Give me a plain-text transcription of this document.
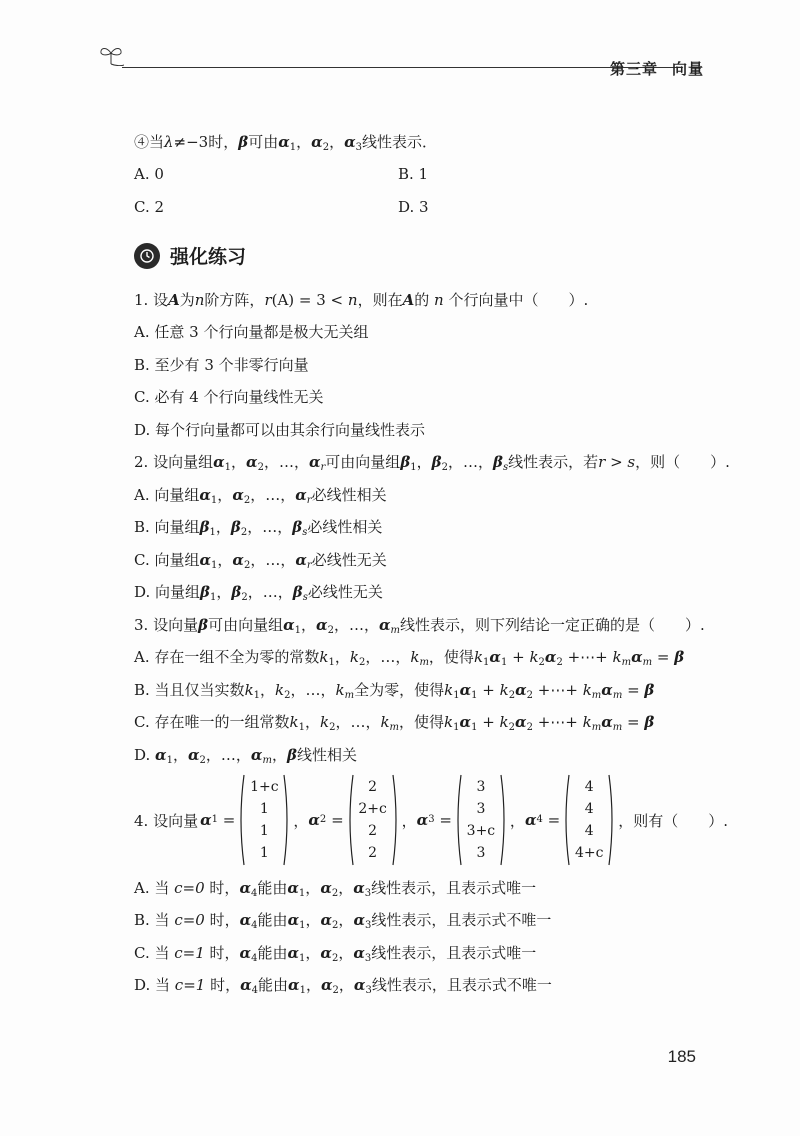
第三章 向量
④当λ≠−3时，β可由$\alpha_1$，$\alpha_2$，$\alpha_3$线性表示．
A. 0	B. 1
C. 2	D. 3
强化练习
1. 设A为n阶方阵，r(A) = 3 < n，则在A的 n 个行向量中（　　）.
A. 任意 3 个行向量都是极大无关组
B. 至少有 3 个非零行向量
C. 必有 4 个行向量线性无关
D. 每个行向量都可以由其余行向量线性表示
2. 设向量组$\alpha_1$，$\alpha_2$，…，$\alpha_r$可由向量组$\beta_1$，$\beta_2$，…，$\beta_s$线性表示，若r > s，则（　　）.
A. 向量组$\alpha_1$，$\alpha_2$，…，$\alpha_r$必线性相关
B. 向量组$\beta_1$，$\beta_2$，…，$\beta_s$必线性相关
C. 向量组$\alpha_1$，$\alpha_2$，…，$\alpha_r$必线性无关
D. 向量组$\beta_1$，$\beta_2$，…，$\beta_s$必线性无关
3. 设向量β可由向量组$\alpha_1$，$\alpha_2$，…，$\alpha_m$线性表示，则下列结论一定正确的是（　　）.
A. 存在一组不全为零的常数$k_1$，$k_2$，…，$k_m$，使得$k_1\alpha_1 + k_2\alpha_2$ +⋯+ $k_m\alpha_m = \beta$
B. 当且仅当实数$k_1$，$k_2$，…，$k_m$全为零，使得$k_1\alpha_1 + k_2\alpha_2$ +⋯+ $k_m\alpha_m = \beta$
C. 存在唯一的一组常数$k_1$，$k_2$，…，$k_m$，使得$k_1\alpha_1 + k_2\alpha_2$ +⋯+ $k_m\alpha_m = \beta$
D. $\alpha_1$，$\alpha_2$，…，$\alpha_m$，β线性相关
4. 设向量 α 1 =
1+c
1
1
1
， α 2 =
2
2+c
2
2
， α 3 =
3
3
3+c
3
， α 4 =
4
4
4
4+c
，则有（　　）.
A. 当 c=0 时，$\alpha_4$能由$\alpha_1$，$\alpha_2$，$\alpha_3$线性表示，且表示式唯一
B. 当 c=0 时，$\alpha_4$能由$\alpha_1$，$\alpha_2$，$\alpha_3$线性表示，且表示式不唯一
C. 当 c=1 时，$\alpha_4$能由$\alpha_1$，$\alpha_2$，$\alpha_3$线性表示，且表示式唯一
D. 当 c=1 时，$\alpha_4$能由$\alpha_1$，$\alpha_2$，$\alpha_3$线性表示，且表示式不唯一
185
